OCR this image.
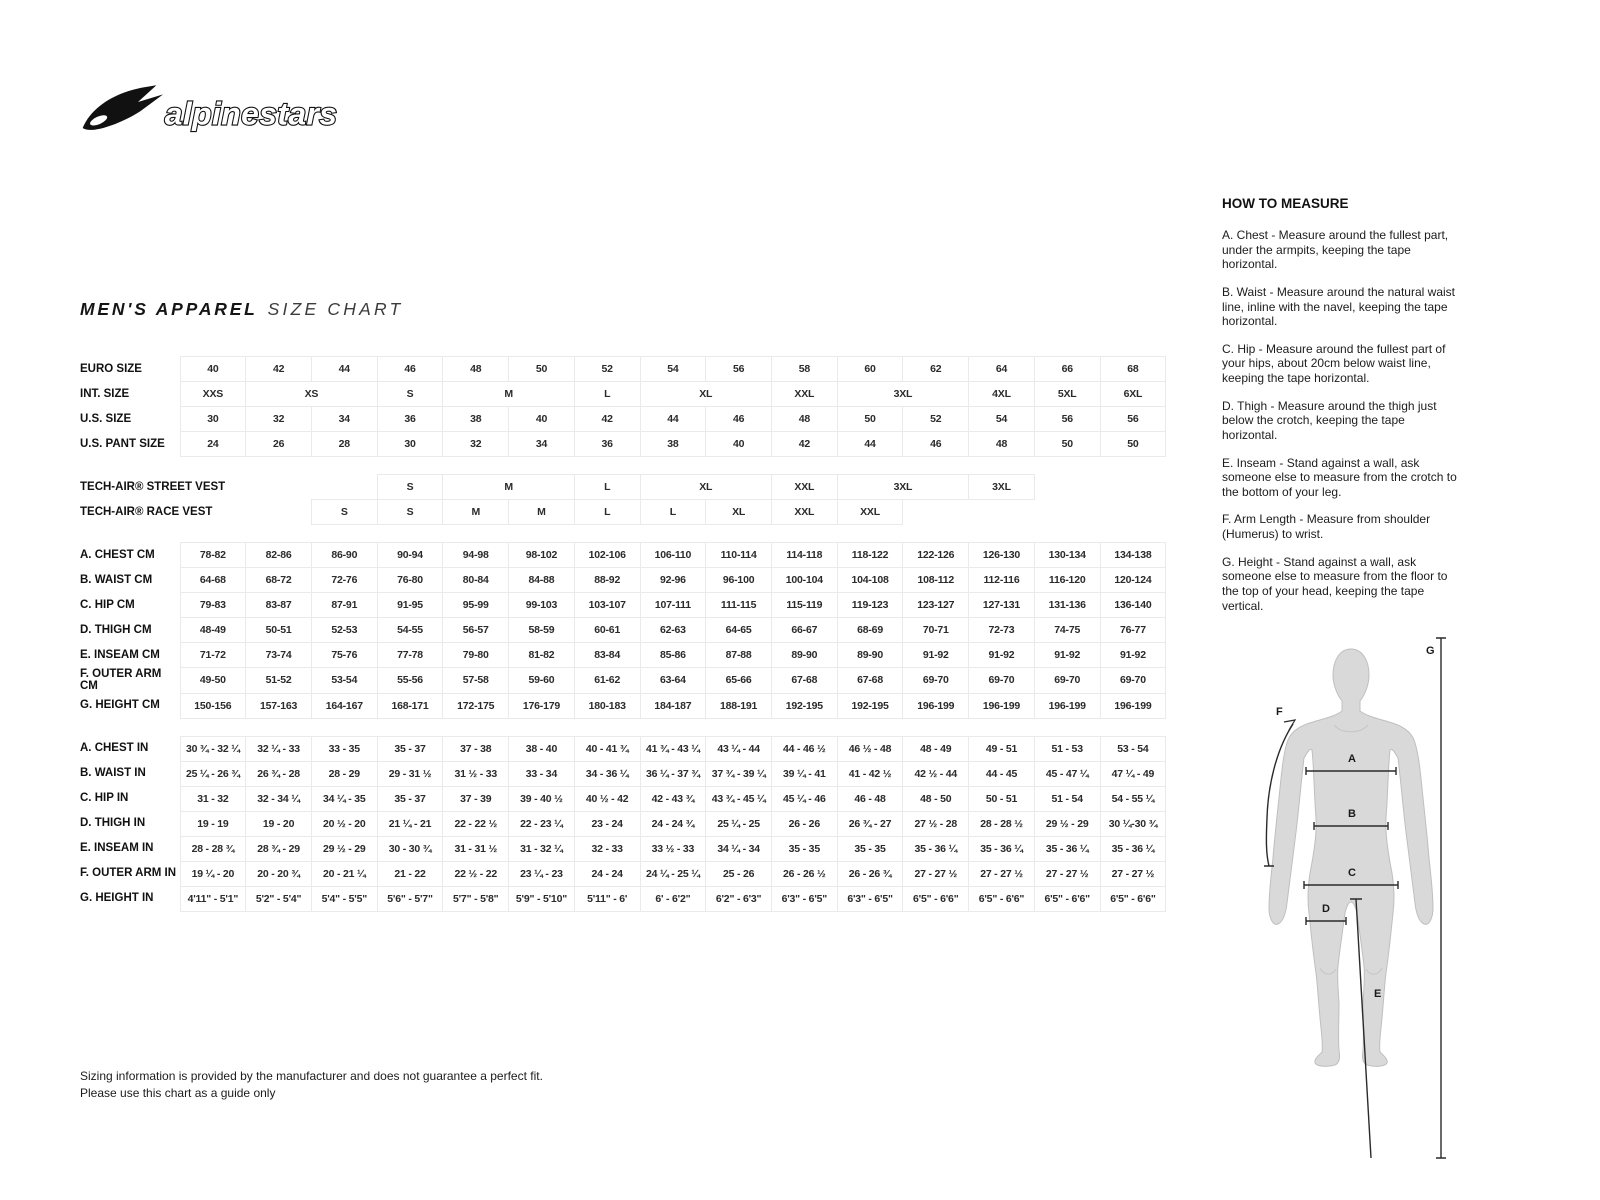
alpinestars
MEN'S APPAREL SIZE CHART
EURO SIZE	40	42	44	46	48	50	52	54	56	58	60	62	64	66	68
INT. SIZE	XXS	XS		S	M		L	XL		XXL	3XL		4XL	5XL	6XL
U.S. SIZE	30	32	34	36	38	40	42	44	46	48	50	52	54	56	56
U.S. PANT SIZE	24	26	28	30	32	34	36	38	40	42	44	46	48	50	50

TECH-AIR® STREET VEST				S	M		L	XL		XXL	3XL		3XL		
TECH-AIR® RACE VEST			S	S	M	M	L	L	XL	XXL	XXL				

A. CHEST CM	78-82	82-86	86-90	90-94	94-98	98-102	102-106	106-110	110-114	114-118	118-122	122-126	126-130	130-134	134-138
B. WAIST CM	64-68	68-72	72-76	76-80	80-84	84-88	88-92	92-96	96-100	100-104	104-108	108-112	112-116	116-120	120-124
C. HIP CM	79-83	83-87	87-91	91-95	95-99	99-103	103-107	107-111	111-115	115-119	119-123	123-127	127-131	131-136	136-140
D. THIGH CM	48-49	50-51	52-53	54-55	56-57	58-59	60-61	62-63	64-65	66-67	68-69	70-71	72-73	74-75	76-77
E. INSEAM CM	71-72	73-74	75-76	77-78	79-80	81-82	83-84	85-86	87-88	89-90	89-90	91-92	91-92	91-92	91-92
F. OUTER ARM CM	49-50	51-52	53-54	55-56	57-58	59-60	61-62	63-64	65-66	67-68	67-68	69-70	69-70	69-70	69-70
G. HEIGHT CM	150-156	157-163	164-167	168-171	172-175	176-179	180-183	184-187	188-191	192-195	192-195	196-199	196-199	196-199	196-199

A. CHEST IN	30 ¾ - 32 ¼	32 ¼ - 33	33 - 35	35 - 37	37 - 38	38 - 40	40 - 41 ¾	41 ¾ - 43 ¼	43 ¼ - 44	44 - 46 ½	46 ½ - 48	48 - 49	49 - 51	51 - 53	53 - 54
B. WAIST IN	25 ¼ - 26 ¾	26 ¾ - 28	28 - 29	29 - 31 ½	31 ½ - 33	33 - 34	34 - 36 ¼	36 ¼ - 37 ¾	37 ¾ - 39 ¼	39 ¼ - 41	41 - 42 ½	42 ½ - 44	44 - 45	45 - 47 ¼	47 ¼ - 49
C. HIP IN	31 - 32	32 - 34 ¼	34 ¼ - 35	35 - 37	37 - 39	39 - 40 ½	40 ½ - 42	42 - 43 ¾	43 ¾ - 45 ¼	45 ¼ - 46	46 - 48	48 - 50	50 - 51	51 - 54	54 - 55 ¼
D. THIGH IN	19 - 19	19 - 20	20 ½ - 20	21 ¼ - 21	22 - 22 ½	22 - 23 ¼	23 - 24	24 - 24 ¾	25 ¼ - 25	26 - 26	26 ¾ - 27	27 ½ - 28	28 - 28 ½	29 ½ - 29	30 ¼-30 ¾
E. INSEAM IN	28 - 28 ¾	28 ¾ - 29	29 ½ - 29	30 - 30 ¾	31 - 31 ½	31 - 32 ¼	32 - 33	33 ½ - 33	34 ¼ - 34	35 - 35	35 - 35	35 - 36 ¼	35 - 36 ¼	35 - 36 ¼	35 - 36 ¼
F. OUTER ARM IN	19 ¼ - 20	20 - 20 ¾	20 - 21 ¼	21 - 22	22 ½ - 22	23 ¼ - 23	24 - 24	24 ¼ - 25 ¼	25 - 26	26 - 26 ½	26 - 26 ¾	27 - 27 ½	27 - 27 ½	27 - 27 ½	27 - 27 ½
G. HEIGHT IN	4'11" - 5'1"	5'2" - 5'4"	5'4" - 5'5"	5'6" - 5'7"	5'7" - 5'8"	5'9" - 5'10"	5'11" - 6'	6' - 6'2"	6'2" - 6'3"	6'3" - 6'5"	6'3" - 6'5"	6'5" - 6'6"	6'5" - 6'6"	6'5" - 6'6"	6'5" - 6'6"
HOW TO MEASURE

A. Chest - Measure around the fullest part, under the armpits, keeping the tape horizontal.

B. Waist - Measure around the natural waist line, inline with the navel, keeping the tape horizontal.

C. Hip - Measure around the fullest part of your hips, about 20cm below waist line, keeping the tape horizontal.

D. Thigh - Measure around the thigh just below the crotch, keeping the tape horizontal.

E. Inseam - Stand against a wall, ask someone else to measure from the crotch to the bottom of your leg.

F. Arm Length - Measure from shoulder (Humerus) to wrist.

G. Height - Stand against a wall, ask someone else to measure from the floor to the top of your head, keeping the tape vertical.

A
B
C
D
E
F
G

Sizing information is provided by the manufacturer and does not guarantee a perfect fit.

Please use this chart as a guide only
